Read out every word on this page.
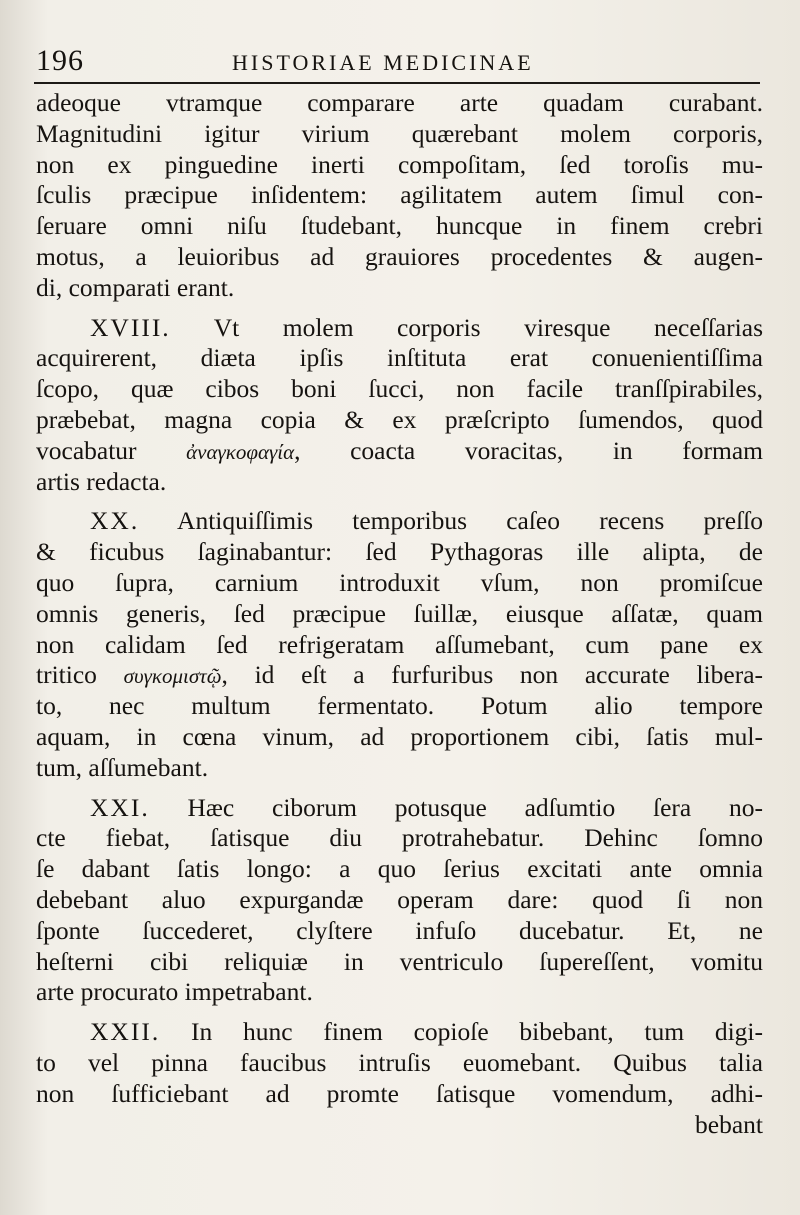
196	HISTORIAE MEDICINAE
adeoque vtramque comparare arte quadam curabant.
Magnitudini igitur virium quærebant molem corporis,
non ex pinguedine inerti compoſitam, ſed toroſis mu-
ſculis præcipue inſidentem: agilitatem autem ſimul con-
ſeruare omni niſu ſtudebant, huncque in finem crebri
motus, a leuioribus ad grauiores procedentes & augen-
di, comparati erant.
XVIII. Vt molem corporis viresque neceſſarias
acquirerent, diæta ipſis inſtituta erat conuenientiſſima
ſcopo, quæ cibos boni ſucci, non facile tranſſpirabiles,
præbebat, magna copia & ex præſcripto ſumendos, quod
vocabatur ἀναγκοφαγία, coacta voracitas, in formam
artis redacta.
XX. Antiquiſſimis temporibus caſeo recens preſſo
& ficubus ſaginabantur: ſed Pythagoras ille alipta, de
quo ſupra, carnium introduxit vſum, non promiſcue
omnis generis, ſed præcipue ſuillæ, eiusque aſſatæ, quam
non calidam ſed refrigeratam aſſumebant, cum pane ex
tritico συγκομιστῷ, id eſt a furfuribus non accurate libera-
to, nec multum fermentato. Potum alio tempore
aquam, in cœna vinum, ad proportionem cibi, ſatis mul-
tum, aſſumebant.
XXI. Hæc ciborum potusque adſumtio ſera no-
cte fiebat, ſatisque diu protrahebatur. Dehinc ſomno
ſe dabant ſatis longo: a quo ſerius excitati ante omnia
debebant aluo expurgandæ operam dare: quod ſi non
ſponte ſuccederet, clyſtere infuſo ducebatur. Et, ne
heſterni cibi reliquiæ in ventriculo ſupereſſent, vomitu
arte procurato impetrabant.
XXII. In hunc finem copioſe bibebant, tum digi-
to vel pinna faucibus intruſis euomebant. Quibus talia
non ſufficiebant ad promte ſatisque vomendum, adhi-
bebant
